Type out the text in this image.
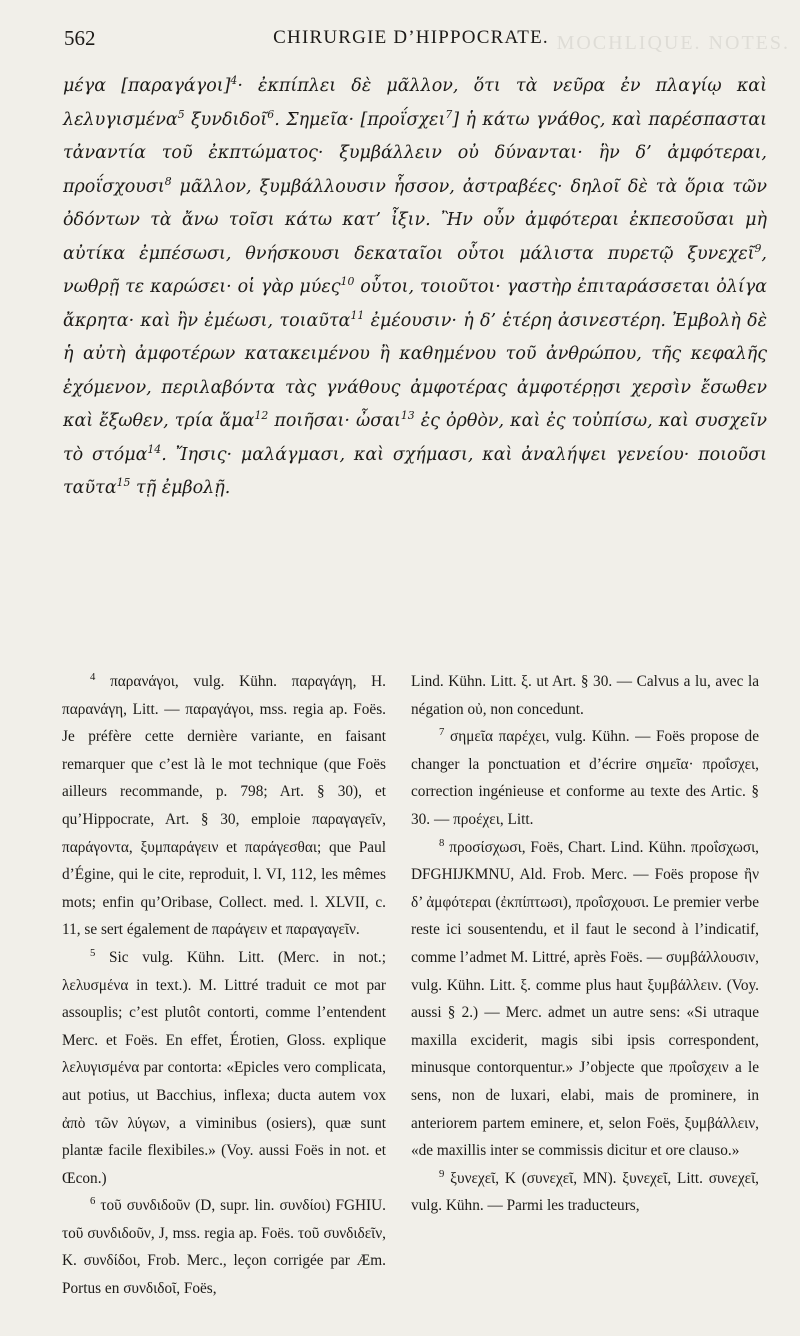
MOCHLIQUE. NOTES.
562	CHIRURGIE D’HIPPOCRATE.

μέγα $[\pi\alpha\rho\alpha\gamma ά\gamma o\iota]^4\cdot$ ἐκπίπλει δὲ μᾶλλον, ὅτι τὰ νεῦρα ἐν πλαγίῳ καὶ λελυγισμένα$^5$ ξυνδιδοῖ$^6$. Σημεῖα· [προΐσχει$^7$] ἡ κάτω γνάθος, καὶ παρέσπασται τἀναντία τοῦ ἐκπτώματος· ξυμβάλλειν οὐ δύνανται· ἣν δ’ ἀμφότεραι, προΐσχουσι$^8$ μᾶλλον, ξυμβάλλουσιν ἧσσον, ἀστραβέες· δηλοῖ δὲ τὰ ὅρια τῶν ὀδόντων τὰ ἄνω τοῖσι κάτω κατ’ ἶξιν. Ἢν οὖν ἀμφότεραι ἐκπεσοῦσαι μὴ αὐτίκα ἐμπέσωσι, θνήσκουσι δεκαταῖοι οὗτοι μάλιστα πυρετῷ ξυνεχεῖ$^9$, νωθρῇ τε καρώσει· οἱ γὰρ μύες$^{10}$ οὗτοι, τοιοῦτοι· γαστὴρ ἐπιταράσσεται ὀλίγα ἄκρητα· καὶ ἢν ἐμέωσι, τοιαῦτα$^{11}$ ἐμέουσιν· ἡ δ’ ἑτέρη ἀσινεστέρη. Ἐμβολὴ δὲ ἡ αὐτὴ ἀμφοτέρων κατακειμένου ἢ καθημένου τοῦ ἀνθρώπου, τῆς κεφαλῆς ἐχόμενον, περιλαβόντα τὰς γνάθους ἀμφοτέρας ἀμφοτέρῃσι χερσὶν ἔσωθεν καὶ ἔξωθεν, τρία ἅμα$^{12}$ ποιῆσαι· ὦσαι$^{13}$ ἐς ὀρθὸν, καὶ ἐς τοὐπίσω, καὶ συσχεῖν τὸ στόμα$^{14}$. Ἴησις· μαλάγμασι, καὶ σχήμασι, καὶ ἀναλήψει γενείου· ποιοῦσι ταῦτα$^{15}$ τῇ ἐμβολῇ.

$^4$ παρανάγοι, vulg. Kühn. παραγάγη, H. παρανάγη, Litt. — παραγάγοι, mss. regia ap. Foës. Je préfère cette dernière variante, en faisant remarquer que c’est là le mot technique (que Foës ailleurs recommande, p. 798; Art. § 30), et qu’Hippocrate, Art. § 30, emploie παραγαγεῖν, παράγοντα, ξυμπαράγειν et παράγεσθαι; que Paul d’Égine, qui le cite, reproduit, l. VI, 112, les mêmes mots; enfin qu’Oribase, Collect. med. l. XLVII, c. 11, se sert également de παράγειν et παραγαγεῖν.

$^5$ Sic vulg. Kühn. Litt. (Merc. in not.; λελυσμένα in text.). M. Littré traduit ce mot par assouplis; c’est plutôt contorti, comme l’entendent Merc. et Foës. En effet, Érotien, Gloss. explique λελυγισμένα par contorta: «Epicles vero complicata, aut potius, ut Bacchius, inflexa; ducta autem vox ἀπὸ τῶν λύγων, a viminibus (osiers), quæ sunt plantæ facile flexibiles.» (Voy. aussi Foës in not. et Œcon.)

$^6$ τοῦ συνδιδοῦν (D, supr. lin. συνδίοι) FGHIU. τοῦ συνδιδοῦν, J, mss. regia ap. Foës. τοῦ συνδιδεῖν, K. συνδίδοι, Frob. Merc., leçon corrigée par Æm. Portus en συνδιδοῖ, Foës,

Lind. Kühn. Litt. ξ. ut Art. § 30. — Calvus a lu, avec la négation οὐ, non concedunt.

$^7$ σημεῖα παρέχει, vulg. Kühn. — Foës propose de changer la ponctuation et d’écrire σημεῖα· προΐσχει, correction ingénieuse et conforme au texte des Artic. § 30. — προέχει, Litt.

$^8$ προσίσχωσι, Foës, Chart. Lind. Kühn. προΐσχωσι, DFGHIJKMNU, Ald. Frob. Merc. — Foës propose ἢν δ’ ἀμφότεραι (ἐκπίπτωσι), προΐσχουσι. Le premier verbe reste ici sousentendu, et il faut le second à l’indicatif, comme l’admet M. Littré, après Foës. — συμβάλλουσιν, vulg. Kühn. Litt. ξ. comme plus haut ξυμβάλλειν. (Voy. aussi § 2.) — Merc. admet un autre sens: «Si utraque maxilla exciderit, magis sibi ipsis correspondent, minusque contorquentur.» J’objecte que προΐσχειν a le sens, non de luxari, elabi, mais de prominere, in anteriorem partem eminere, et, selon Foës, ξυμβάλλειν, «de maxillis inter se commissis dicitur et ore clauso.»

$^9$ ξυνεχεῖ, K (συνεχεῖ, MN). ξυνεχεῖ, Litt. συνεχεῖ, vulg. Kühn. — Parmi les traducteurs,
